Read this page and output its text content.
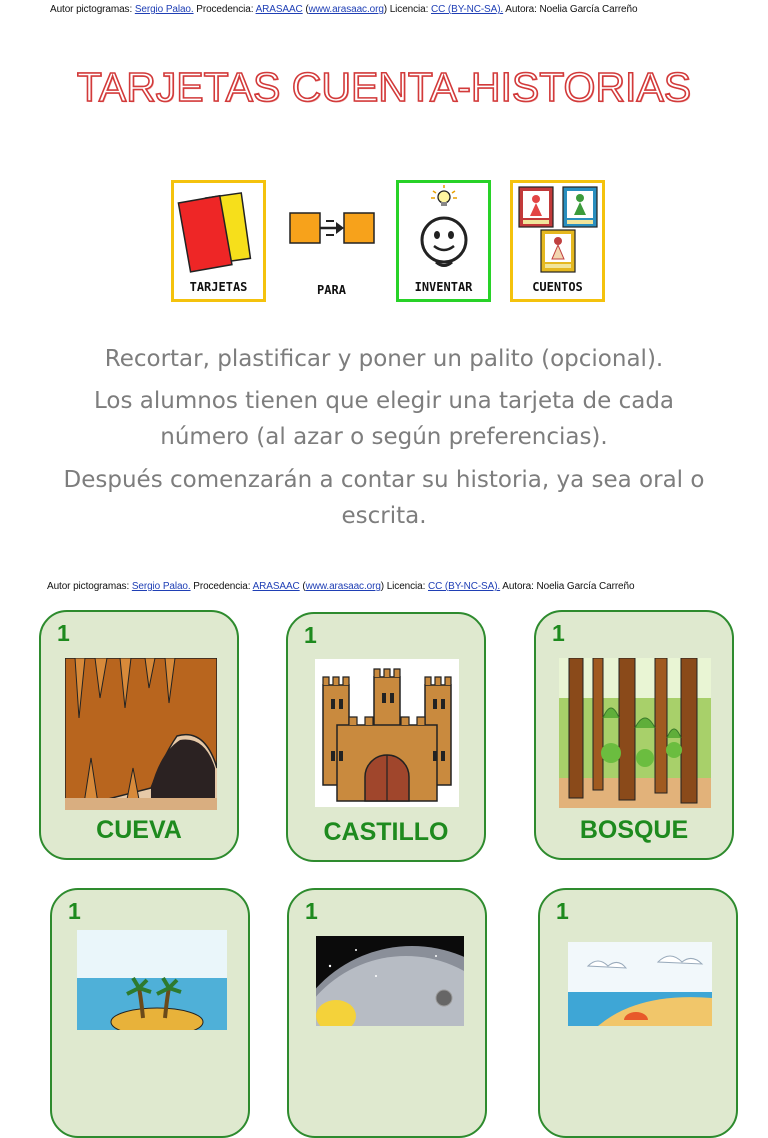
Autor pictogramas: Sergio Palao. Procedencia: ARASAAC (www.arasaac.org) Licencia: CC (BY-NC-SA). Autora: Noelia García Carreño
TARJETAS CUENTA-HISTORIAS
TARJETAS	PARA	INVENTAR	CUENTOS
Recortar, plastificar y poner un palito (opcional).
Los alumnos tienen que elegir una tarjeta de cada número (al azar o según preferencias).
Después comenzarán a contar su historia, ya sea oral o escrita.
Autor pictogramas: Sergio Palao. Procedencia: ARASAAC (www.arasaac.org) Licencia: CC (BY-NC-SA). Autora: Noelia García Carreño
1
CUEVA
1
CASTILLO
1
BOSQUE
1	1	1
